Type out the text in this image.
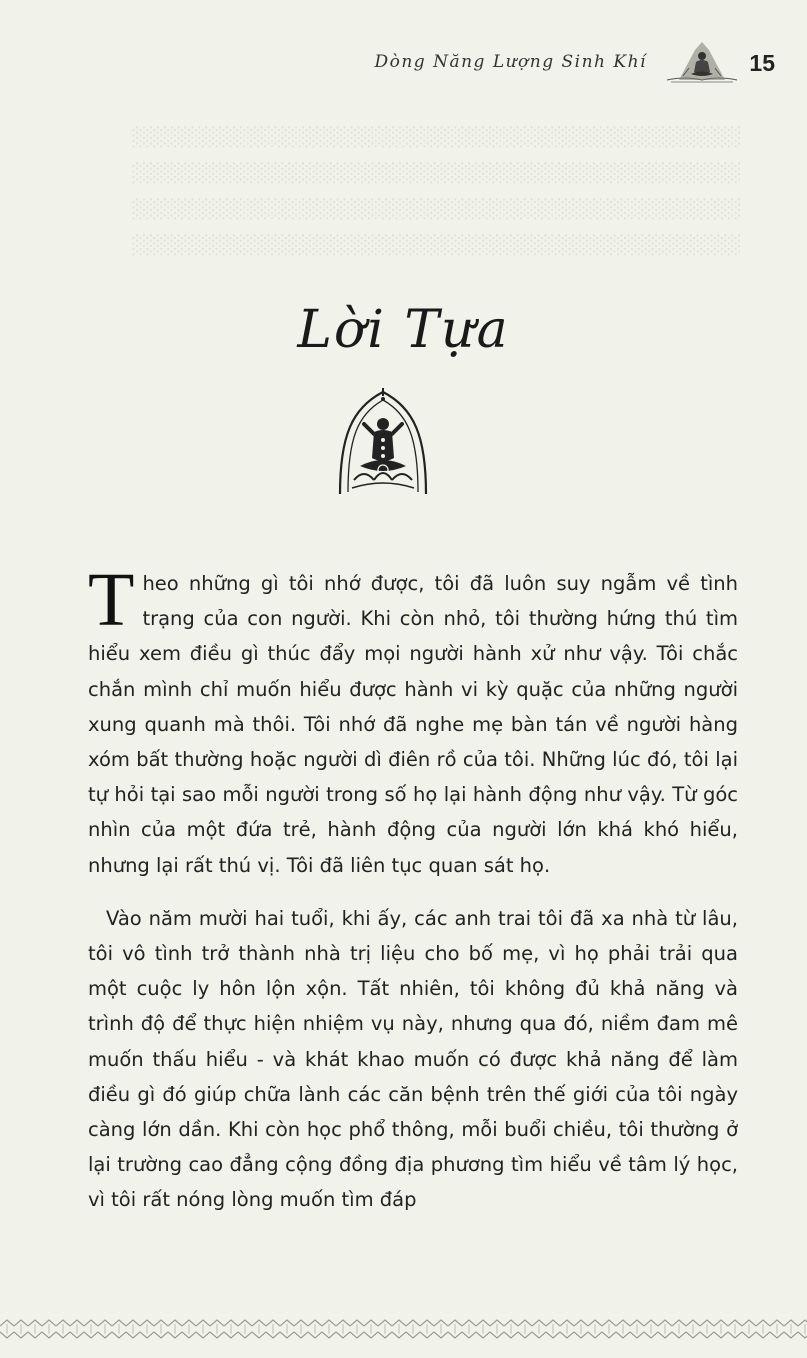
░░░░░░░░░░░░░░░░░░░░░░░░░░░░░░░░░░░░░░░░░░░░
░░░░░░░░░░░░░░░░░░░░░░░░░░░░░░░░░░░░░░░░░░░░
░░░░░░░░░░░░░░░░░░░░░░░░░░░░░░░░░░░░░░░░░░░░
░░░░░░░░░░░░░░░░░░░░░░░░░░░░░░░░░░░░░░░░░░░░
Dòng Năng Lượng Sinh Khí	15
Lời Tựa

Theo những gì tôi nhớ được, tôi đã luôn suy ngẫm về tình trạng của con người. Khi còn nhỏ, tôi thường hứng thú tìm hiểu xem điều gì thúc đẩy mọi người hành xử như vậy. Tôi chắc chắn mình chỉ muốn hiểu được hành vi kỳ quặc của những người xung quanh mà thôi. Tôi nhớ đã nghe mẹ bàn tán về người hàng xóm bất thường hoặc người dì điên rồ của tôi. Những lúc đó, tôi lại tự hỏi tại sao mỗi người trong số họ lại hành động như vậy. Từ góc nhìn của một đứa trẻ, hành động của người lớn khá khó hiểu, nhưng lại rất thú vị. Tôi đã liên tục quan sát họ.

Vào năm mười hai tuổi, khi ấy, các anh trai tôi đã xa nhà từ lâu, tôi vô tình trở thành nhà trị liệu cho bố mẹ, vì họ phải trải qua một cuộc ly hôn lộn xộn. Tất nhiên, tôi không đủ khả năng và trình độ để thực hiện nhiệm vụ này, nhưng qua đó, niềm đam mê muốn thấu hiểu - và khát khao muốn có được khả năng để làm điều gì đó giúp chữa lành các căn bệnh trên thế giới của tôi ngày càng lớn dần. Khi còn học phổ thông, mỗi buổi chiều, tôi thường ở lại trường cao đẳng cộng đồng địa phương tìm hiểu về tâm lý học, vì tôi rất nóng lòng muốn tìm đáp
